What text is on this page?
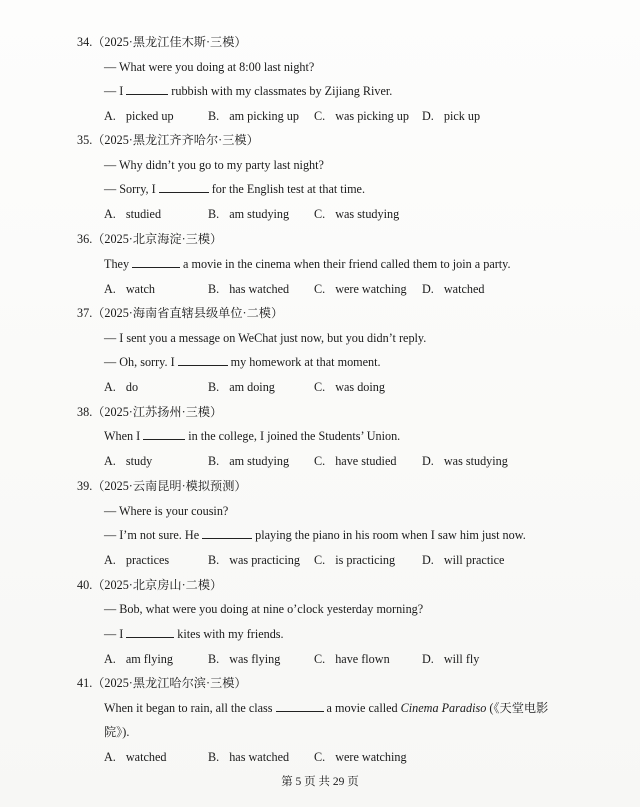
34.（2025·黑龙江佳木斯·三模）
— What were you doing at 8:00 last night?
— I	rubbish with my classmates by Zijiang River.
A. picked up	B. am picking up C. was picking up D. pick up
35.（2025·黑龙江齐齐哈尔·三模）
— Why didn’t you go to my party last night?
— Sorry, I	for the English test at that time.
A. studied	B. am studying C. was studying
36.（2025·北京海淀·三模）
They	a movie in the cinema when their friend called them to join a party.
A. watch	B. has watched C. were watching D. watched
37.（2025·海南省直辖县级单位·二模）
— I sent you a message on WeChat just now, but you didn’t reply.
— Oh, sorry. I	my homework at that moment.
A. do	B. am doing	C. was doing
38.（2025·江苏扬州·三模）
When I	in the college, I joined the Students’ Union.
A. study	B. am studying C. have studied D. was studying
39.（2025·云南昆明·模拟预测）
— Where is your cousin?
— I’m not sure. He	playing the piano in his room when I saw him just now.
A. practices	B. was practicing C. is practicing D. will practice
40.（2025·北京房山·二模）
— Bob, what were you doing at nine o’clock yesterday morning?
— I	kites with my friends.
A. am flying	B. was flying	C. have flown	D. will fly
41.（2025·黑龙江哈尔滨·三模）
When it began to rain, all the class	a movie called Cinema Paradiso (《天堂电影
院》).
A. watched	B. has watched C. were watching
第 5 页 共 29 页
